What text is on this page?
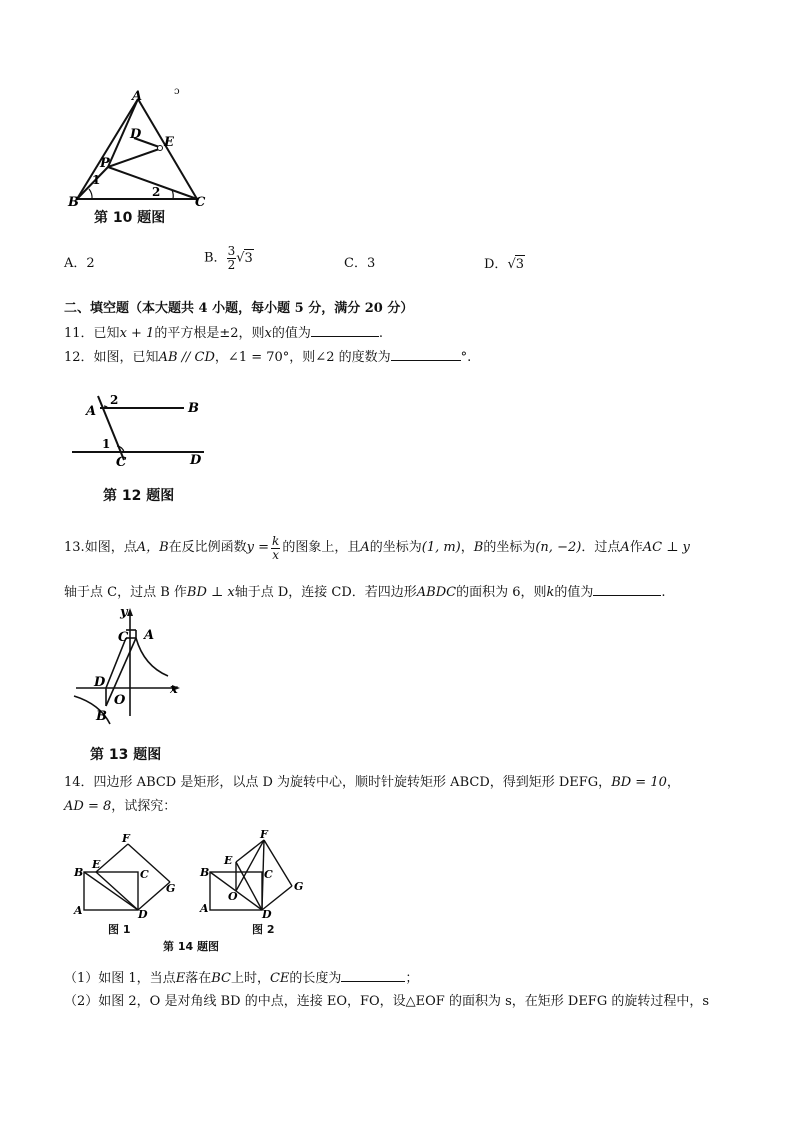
A	ɔ
D
E
P
1
2
B	C
第 10 题图
A．2	B． $\frac{3}{2} √3$	C．3	D．√3
二、填空题（本大题共 4 小题，每小题 5 分，满分 20 分）
11．已知x + 1的平方根是±2，则x的值为	.
12．如图，已知AB // CD，∠1 = 70°，则∠2 的度数为	°.
2
A	B
1
C	D
第 12 题图
13. 如图，点 A，B 在反比例函数 $y = \frac{k}{x}$ 的图象上，且 A 的坐标为 (1, m) ， B 的坐标为 (n, −2) ．过点 A 作 AC ⊥ y
轴于点 C，过点 B 作BD ⊥ x轴于点 D，连接 CD．若四边形ABDC的面积为 6，则k的值为	.
y
x
C A
D
O
B
第 13 题图
14．四边形 ABCD 是矩形，以点 D 为旋转中心，顺时针旋转矩形 ABCD，得到矩形 DEFG，BD = 10，
AD = 8，试探究：
F
E
B	C
G
A	D
图 1
F
E
B	C
G
O
A	D
图 2
第 14 题图
（1）如图 1，当点E落在BC上时，CE的长度为	；
（2）如图 2，O 是对角线 BD 的中点，连接 EO，FO，设△EOF 的面积为 s，在矩形 DEFG 的旋转过程中，s
